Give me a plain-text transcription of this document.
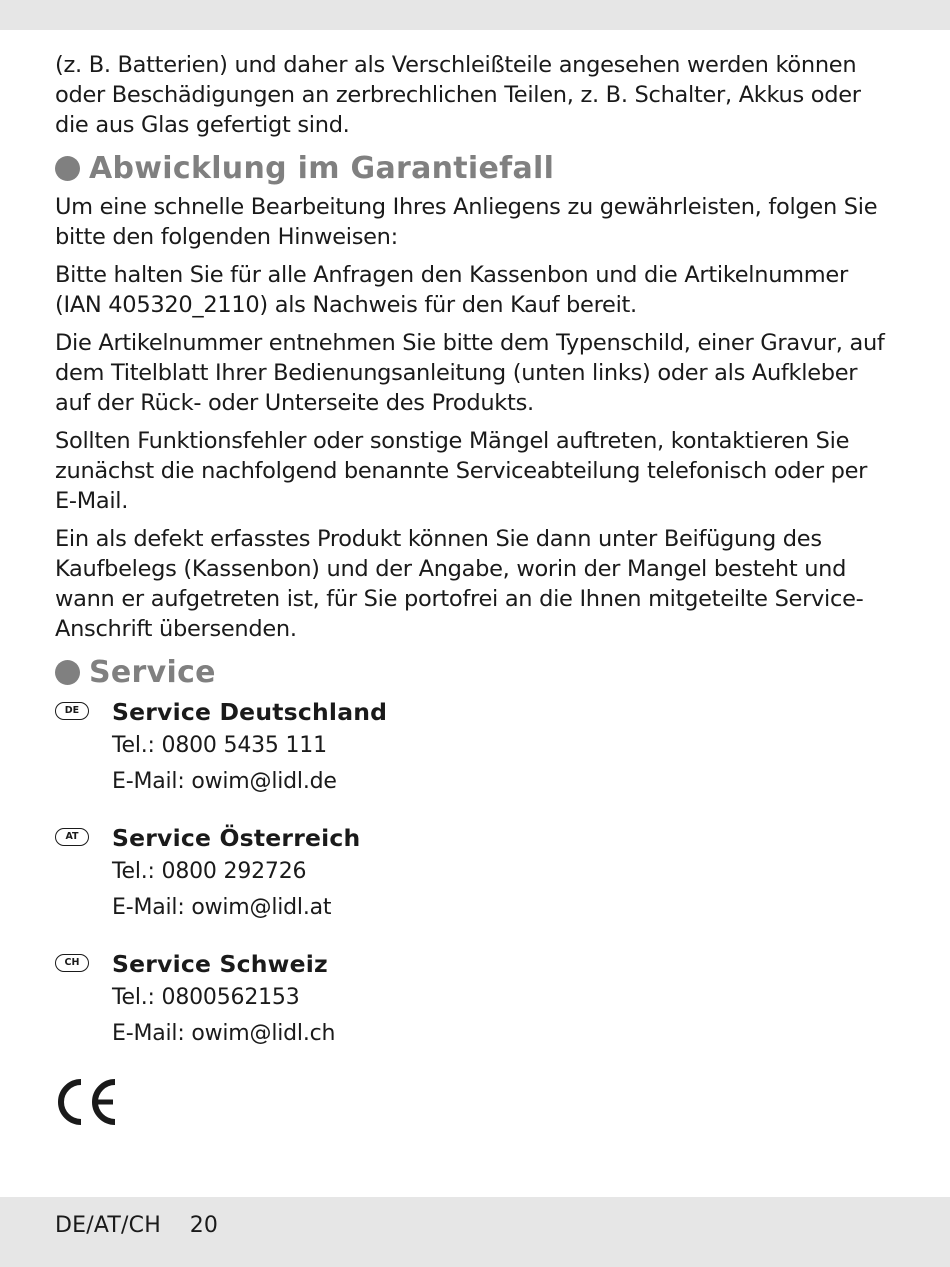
(z. B. Batterien) und daher als Verschleißteile angesehen werden können oder Beschädigungen an zerbrechlichen Teilen, z. B. Schalter, Akkus oder die aus Glas gefertigt sind.

Abwicklung im Garantiefall

Um eine schnelle Bearbeitung Ihres Anliegens zu gewährleisten, folgen Sie bitte den folgenden Hinweisen:

Bitte halten Sie für alle Anfragen den Kassenbon und die Artikelnummer (IAN 405320_2110) als Nachweis für den Kauf bereit.

Die Artikelnummer entnehmen Sie bitte dem Typenschild, einer Gravur, auf dem Titelblatt Ihrer Bedienungsanleitung (unten links) oder als Aufkleber auf der Rück- oder Unterseite des Produkts.

Sollten Funktionsfehler oder sonstige Mängel auftreten, kontaktieren Sie zunächst die nachfolgend benannte Serviceabteilung telefonisch oder per E-Mail.

Ein als defekt erfasstes Produkt können Sie dann unter Beifügung des Kaufbelegs (Kassenbon) und der Angabe, worin der Mangel besteht und wann er aufgetreten ist, für Sie portofrei an die Ihnen mitgeteilte Service-Anschrift übersenden.

Service
DE	Service Deutschland
Tel.: 0800 5435 111
E-Mail: owim@lidl.de
AT	Service Österreich
Tel.: 0800 292726
E-Mail: owim@lidl.at
CH	Service Schweiz
Tel.: 0800562153
E-Mail: owim@lidl.ch
DE/AT/CH    20
